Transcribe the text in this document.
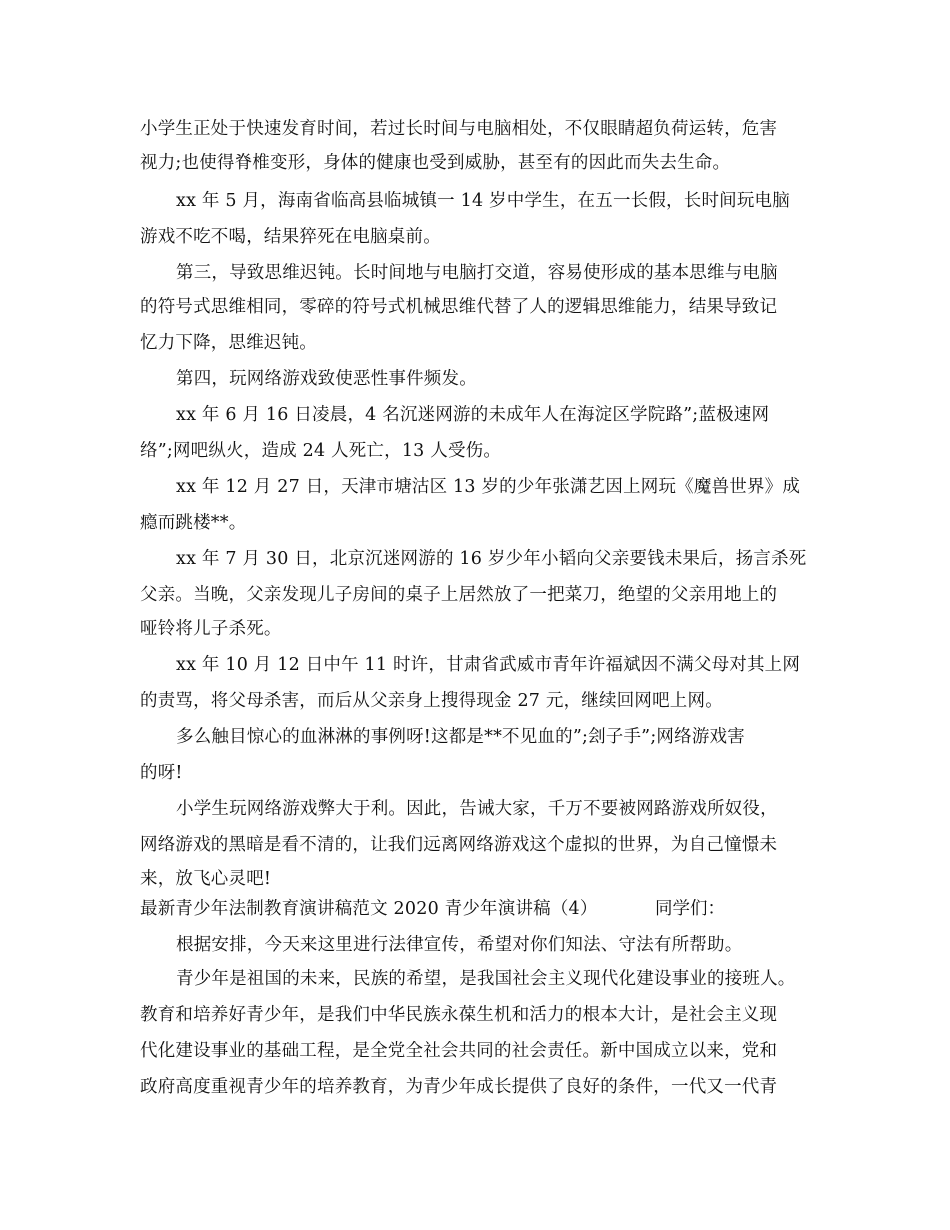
小学生正处于快速发育时间，若过长时间与电脑相处，不仅眼睛超负荷运转，危害
视力;也使得脊椎变形，身体的健康也受到威胁，甚至有的因此而失去生命。
xx 年 5 月，海南省临高县临城镇一 14 岁中学生，在五一长假，长时间玩电脑
游戏不吃不喝，结果猝死在电脑桌前。
第三，导致思维迟钝。长时间地与电脑打交道，容易使形成的基本思维与电脑
的符号式思维相同，零碎的符号式机械思维代替了人的逻辑思维能力，结果导致记
忆力下降，思维迟钝。
第四，玩网络游戏致使恶性事件频发。
xx 年 6 月 16 日凌晨，4 名沉迷网游的未成年人在海淀区学院路”;蓝极速网
络”;网吧纵火，造成 24 人死亡，13 人受伤。
xx 年 12 月 27 日，天津市塘沽区 13 岁的少年张潇艺因上网玩《魔兽世界》成
瘾而跳楼**。
xx 年 7 月 30 日，北京沉迷网游的 16 岁少年小韬向父亲要钱未果后，扬言杀死
父亲。当晚，父亲发现儿子房间的桌子上居然放了一把菜刀，绝望的父亲用地上的
哑铃将儿子杀死。
xx 年 10 月 12 日中午 11 时许，甘肃省武威市青年许福斌因不满父母对其上网
的责骂，将父母杀害，而后从父亲身上搜得现金 27 元，继续回网吧上网。
多么触目惊心的血淋淋的事例呀!这都是**不见血的”;刽子手”;网络游戏害
的呀!
小学生玩网络游戏弊大于利。因此，告诫大家，千万不要被网路游戏所奴役，
网络游戏的黑暗是看不清的，让我们远离网络游戏这个虚拟的世界，为自己憧憬未
来，放飞心灵吧!
最新青少年法制教育演讲稿范文 2020 青少年演讲稿（4）	同学们：
根据安排，今天来这里进行法律宣传，希望对你们知法、守法有所帮助。
青少年是祖国的未来，民族的希望，是我国社会主义现代化建设事业的接班人。
教育和培养好青少年，是我们中华民族永葆生机和活力的根本大计，是社会主义现
代化建设事业的基础工程，是全党全社会共同的社会责任。新中国成立以来，党和
政府高度重视青少年的培养教育，为青少年成长提供了良好的条件，一代又一代青
